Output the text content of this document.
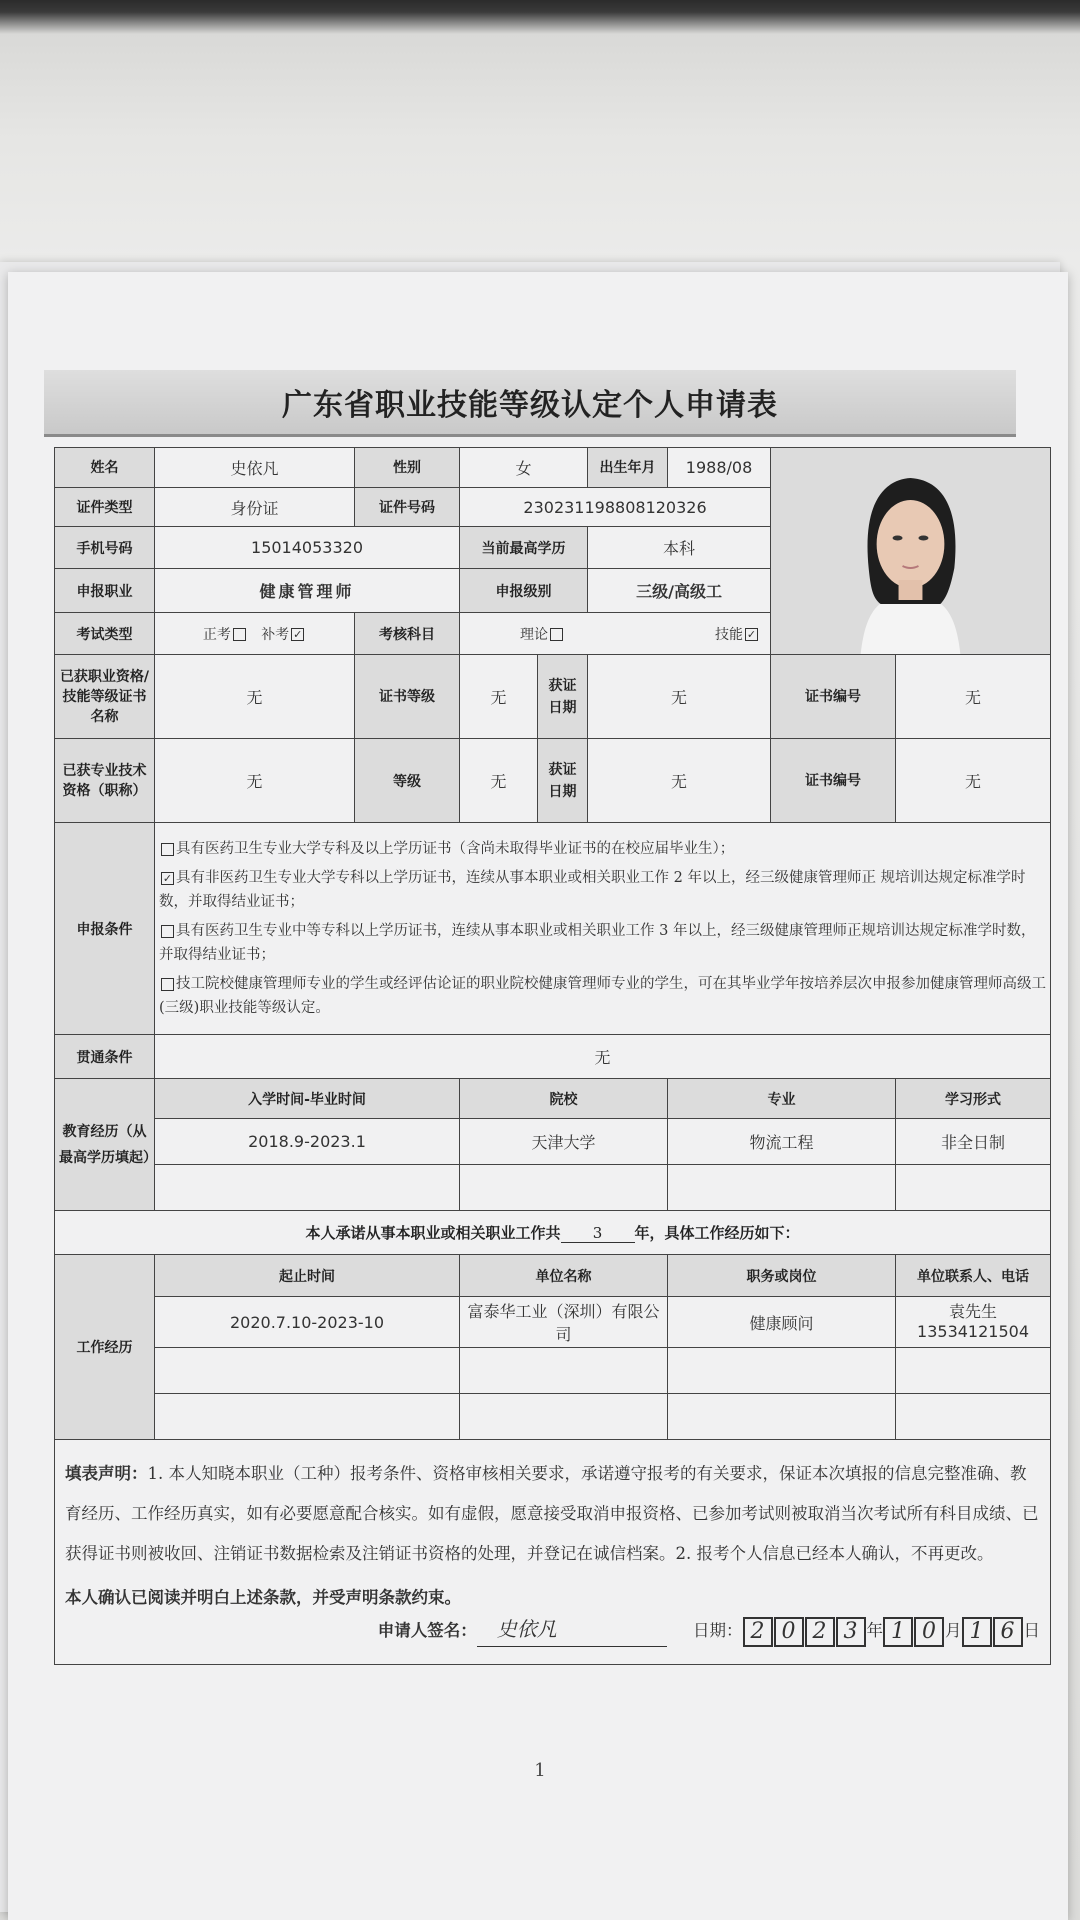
广东省职业技能等级认定个人申请表
姓名	史依凡	性别	女		出生年月	1988/08	

证件类型	身份证	证件号码	230231198808120326					
手机号码	15014053320		当前最高学历		本科			
申报职业	健康管理师		申报级别		三级/高级工			
考试类型	正考 补考 ✓	考核科目	理论 技能 ✓					
已获职业资格/技能等级证书名称	无	证书等级	无	获证日期	无		证书编号	无
已获专业技术资格（职称）	无	等级	无	获证日期	无		证书编号	无
申报条件	具有医药卫生专业大学专科及以上学历证书（含尚未取得毕业证书的在校应届毕业生）；

✓ 具有非医药卫生专业大学专科以上学历证书，连续从事本职业或相关职业工作 2 年以上，经三级健康管理师正 规培训达规定标准学时数，并取得结业证书；

具有医药卫生专业中等专科以上学历证书，连续从事本职业或相关职业工作 3 年以上，经三级健康管理师正规培训达规定标准学时数，并取得结业证书；

技工院校健康管理师专业的学生或经评估论证的职业院校健康管理师专业的学生，可在其毕业学年按培养层次申报参加健康管理师高级工(三级)职业技能等级认定。							

贯通条件	无							
教育经历（从最高学历填起）	入学时间-毕业时间		院校			专业		学习形式
	2018.9-2023.1		天津大学			物流工程		非全日制

本人承诺从事本职业或相关职业工作共 3 年，具体工作经历如下：								
工作经历	起止时间		单位名称			职务或岗位		单位联系人、电话
	2020.7.10-2023-10		富泰华工业（深圳）有限公司			健康顾问		袁先生
13534121504

填表声明：1. 本人知晓本职业（工种）报考条件、资格审核相关要求，承诺遵守报考的有关要求，保证本次填报的信息完整准确、教育经历、工作经历真实，如有必要愿意配合核实。如有虚假，愿意接受取消申报资格、已参加考试则被取消当次考试所有科目成绩、已获得证书则被收回、注销证书数据检索及注销证书资格的处理，并登记在诚信档案。2. 报考个人信息已经本人确认，不再更改。
本人确认已阅读并明白上述条款，并受声明条款约束。
申请人签名： 史依凡 日期： 2 0 2 3 年 1 0 月 1 6 日								
1
